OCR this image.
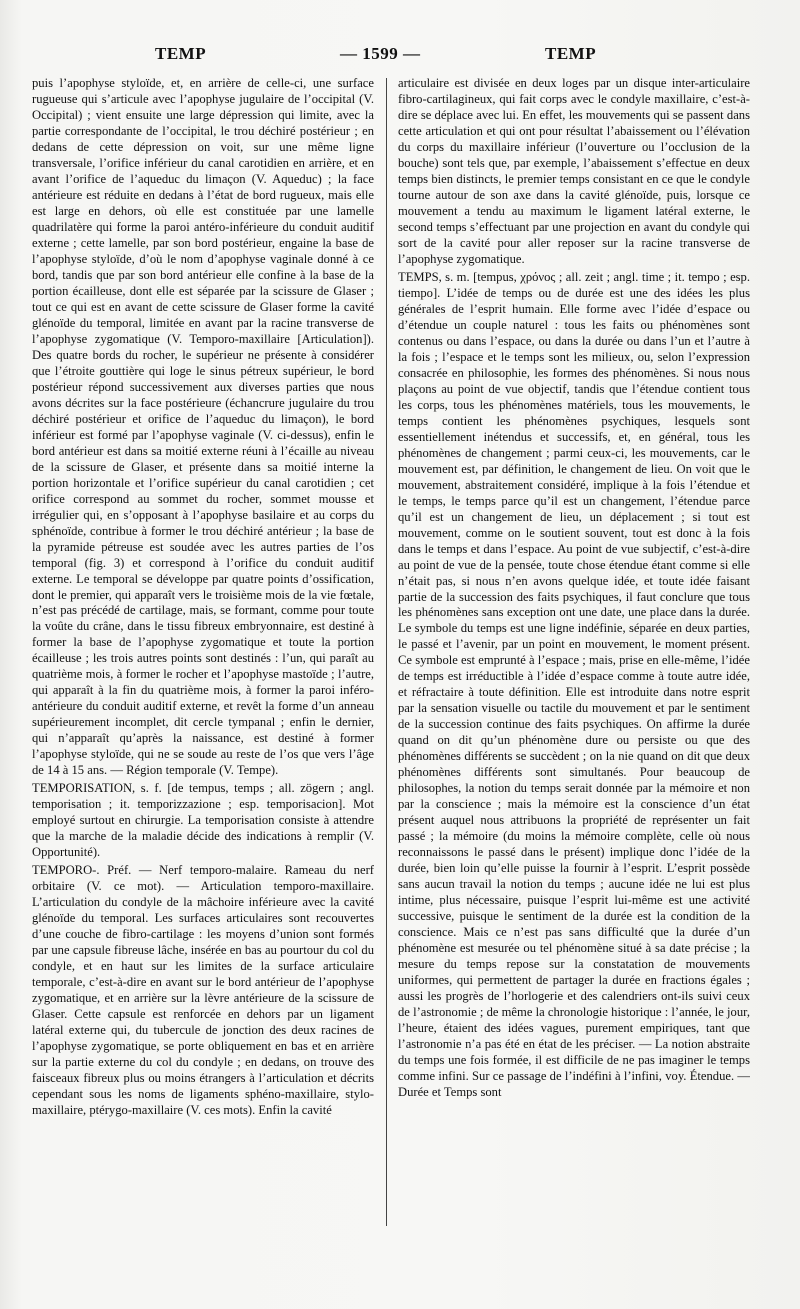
TEMP	— 1599 —	TEMP

puis l’apophyse styloïde, et, en arrière de celle-ci, une surface rugueuse qui s’articule avec l’apophyse jugulaire de l’occipital (V. Occipital) ; vient ensuite une large dépression qui limite, avec la partie correspondante de l’occipital, le trou déchiré postérieur ; en dedans de cette dépression on voit, sur une même ligne transversale, l’orifice inférieur du canal carotidien en arrière, et en avant l’orifice de l’aqueduc du limaçon (V. Aqueduc) ; la face antérieure est réduite en dedans à l’état de bord rugueux, mais elle est large en dehors, où elle est constituée par une lamelle quadrilatère qui forme la paroi antéro-inférieure du conduit auditif externe ; cette lamelle, par son bord postérieur, engaine la base de l’apophyse styloïde, d’où le nom d’apophyse vaginale donné à ce bord, tandis que par son bord antérieur elle confine à la base de la portion écailleuse, dont elle est séparée par la scissure de Glaser ; tout ce qui est en avant de cette scissure de Glaser forme la cavité glénoïde du temporal, limitée en avant par la racine transverse de l’apophyse zygomatique (V. Temporo-maxillaire [Articulation]). Des quatre bords du rocher, le supérieur ne présente à considérer que l’étroite gouttière qui loge le sinus pétreux supérieur, le bord postérieur répond successivement aux diverses parties que nous avons décrites sur la face postérieure (échancrure jugulaire du trou déchiré postérieur et orifice de l’aqueduc du limaçon), le bord inférieur est formé par l’apophyse vaginale (V. ci-dessus), enfin le bord antérieur est dans sa moitié externe réuni à l’écaille au niveau de la scissure de Glaser, et présente dans sa moitié interne la portion horizontale et l’orifice supérieur du canal carotidien ; cet orifice correspond au sommet du rocher, sommet mousse et irrégulier qui, en s’opposant à l’apophyse basilaire et au corps du sphénoïde, contribue à former le trou déchiré antérieur ; la base de la pyramide pétreuse est soudée avec les autres parties de l’os temporal (fig. 3) et correspond à l’orifice du conduit auditif externe. Le temporal se développe par quatre points d’ossification, dont le premier, qui apparaît vers le troisième mois de la vie fœtale, n’est pas précédé de cartilage, mais, se formant, comme pour toute la voûte du crâne, dans le tissu fibreux embryonnaire, est destiné à former la base de l’apophyse zygomatique et toute la portion écailleuse ; les trois autres points sont destinés : l’un, qui paraît au quatrième mois, à former le rocher et l’apophyse mastoïde ; l’autre, qui apparaît à la fin du quatrième mois, à former la paroi inféro-antérieure du conduit auditif externe, et revêt la forme d’un anneau supérieurement incomplet, dit cercle tympanal ; enfin le dernier, qui n’apparaît qu’après la naissance, est destiné à former l’apophyse styloïde, qui ne se soude au reste de l’os que vers l’âge de 14 à 15 ans. — Région temporale (V. Tempe).

TEMPORISATION, s. f. [de tempus, temps ; all. zögern ; angl. temporisation ; it. temporizzazione ; esp. temporisacion]. Mot employé surtout en chirurgie. La temporisation consiste à attendre que la marche de la maladie décide des indications à remplir (V. Opportunité).

TEMPORO-. Préf. — Nerf temporo-malaire. Rameau du nerf orbitaire (V. ce mot). — Articulation temporo-maxillaire. L’articulation du condyle de la mâchoire inférieure avec la cavité glénoïde du temporal. Les surfaces articulaires sont recouvertes d’une couche de fibro-cartilage : les moyens d’union sont formés par une capsule fibreuse lâche, insérée en bas au pourtour du col du condyle, et en haut sur les limites de la surface articulaire temporale, c’est-à-dire en avant sur le bord antérieur de l’apophyse zygomatique, et en arrière sur la lèvre antérieure de la scissure de Glaser. Cette capsule est renforcée en dehors par un ligament latéral externe qui, du tubercule de jonction des deux racines de l’apophyse zygomatique, se porte obliquement en bas et en arrière sur la partie externe du col du condyle ; en dedans, on trouve des faisceaux fibreux plus ou moins étrangers à l’articulation et décrits cependant sous les noms de ligaments sphéno-maxillaire, stylo-maxillaire, ptérygo-maxillaire (V. ces mots). Enfin la cavité

articulaire est divisée en deux loges par un disque inter-articulaire fibro-cartilagineux, qui fait corps avec le condyle maxillaire, c’est-à-dire se déplace avec lui. En effet, les mouvements qui se passent dans cette articulation et qui ont pour résultat l’abaissement ou l’élévation du corps du maxillaire inférieur (l’ouverture ou l’occlusion de la bouche) sont tels que, par exemple, l’abaissement s’effectue en deux temps bien distincts, le premier temps consistant en ce que le condyle tourne autour de son axe dans la cavité glénoïde, puis, lorsque ce mouvement a tendu au maximum le ligament latéral externe, le second temps s’effectuant par une projection en avant du condyle qui sort de la cavité pour aller reposer sur la racine transverse de l’apophyse zygomatique.

TEMPS, s. m. [tempus, χρόνος ; all. zeit ; angl. time ; it. tempo ; esp. tiempo]. L’idée de temps ou de durée est une des idées les plus générales de l’esprit humain. Elle forme avec l’idée d’espace ou d’étendue un couple naturel : tous les faits ou phénomènes sont contenus ou dans l’espace, ou dans la durée ou dans l’un et l’autre à la fois ; l’espace et le temps sont les milieux, ou, selon l’expression consacrée en philosophie, les formes des phénomènes. Si nous nous plaçons au point de vue objectif, tandis que l’étendue contient tous les corps, tous les phénomènes matériels, tous les mouvements, le temps contient les phénomènes psychiques, lesquels sont essentiellement inétendus et successifs, et, en général, tous les phénomènes de changement ; parmi ceux-ci, les mouvements, car le mouvement est, par définition, le changement de lieu. On voit que le mouvement, abstraitement considéré, implique à la fois l’étendue et le temps, le temps parce qu’il est un changement, l’étendue parce qu’il est un changement de lieu, un déplacement ; si tout est mouvement, comme on le soutient souvent, tout est donc à la fois dans le temps et dans l’espace. Au point de vue subjectif, c’est-à-dire au point de vue de la pensée, toute chose étendue étant comme si elle n’était pas, si nous n’en avons quelque idée, et toute idée faisant partie de la succession des faits psychiques, il faut conclure que tous les phénomènes sans exception ont une date, une place dans la durée. Le symbole du temps est une ligne indéfinie, séparée en deux parties, le passé et l’avenir, par un point en mouvement, le moment présent. Ce symbole est emprunté à l’espace ; mais, prise en elle-même, l’idée de temps est irréductible à l’idée d’espace comme à toute autre idée, et réfractaire à toute définition. Elle est introduite dans notre esprit par la sensation visuelle ou tactile du mouvement et par le sentiment de la succession continue des faits psychiques. On affirme la durée quand on dit qu’un phénomène dure ou persiste ou que des phénomènes différents se succèdent ; on la nie quand on dit que deux phénomènes différents sont simultanés. Pour beaucoup de philosophes, la notion du temps serait donnée par la mémoire et non par la conscience ; mais la mémoire est la conscience d’un état présent auquel nous attribuons la propriété de représenter un fait passé ; la mémoire (du moins la mémoire complète, celle où nous reconnaissons le passé dans le présent) implique donc l’idée de la durée, bien loin qu’elle puisse la fournir à l’esprit. L’esprit possède sans aucun travail la notion du temps ; aucune idée ne lui est plus intime, plus nécessaire, puisque l’esprit lui-même est une activité successive, puisque le sentiment de la durée est la condition de la conscience. Mais ce n’est pas sans difficulté que la durée d’un phénomène est mesurée ou tel phénomène situé à sa date précise ; la mesure du temps repose sur la constatation de mouvements uniformes, qui permettent de partager la durée en fractions égales ; aussi les progrès de l’horlogerie et des calendriers ont-ils suivi ceux de l’astronomie ; de même la chronologie historique : l’année, le jour, l’heure, étaient des idées vagues, purement empiriques, tant que l’astronomie n’a pas été en état de les préciser. — La notion abstraite du temps une fois formée, il est difficile de ne pas imaginer le temps comme infini. Sur ce passage de l’indéfini à l’infini, voy. Étendue. — Durée et Temps sont
